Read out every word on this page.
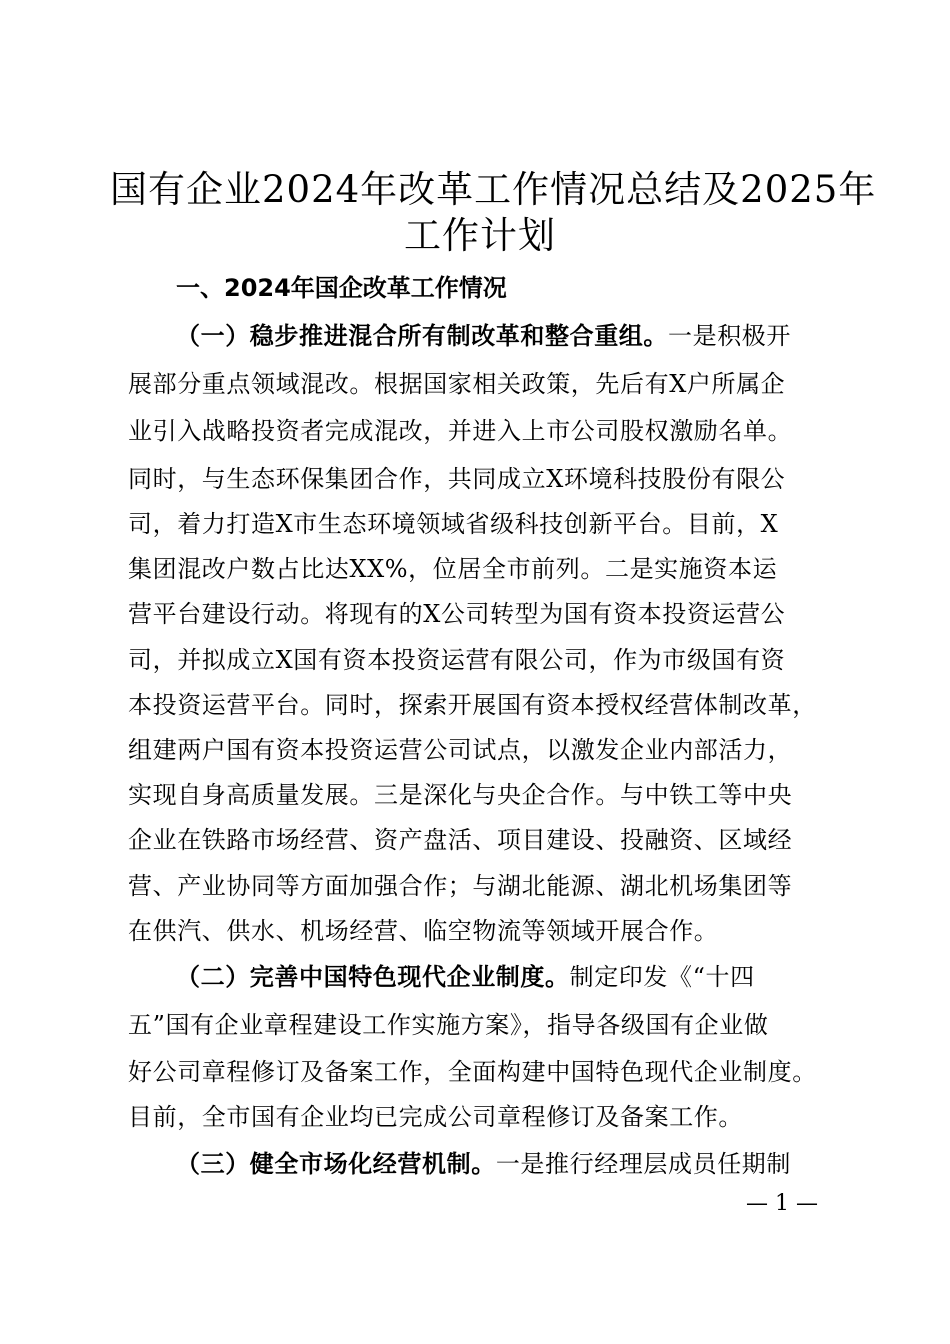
国有企业2024年改革工作情况总结及2025年
工作计划
一、2024年国企改革工作情况
（一）稳步推进混合所有制改革和整合重组。一是积极开
展部分重点领域混改。根据国家相关政策，先后有X户所属企
业引入战略投资者完成混改，并进入上市公司股权激励名单。
同时，与生态环保集团合作，共同成立X环境科技股份有限公
司，着力打造X市生态环境领域省级科技创新平台。目前，X
集团混改户数占比达XX%，位居全市前列。二是实施资本运
营平台建设行动。将现有的X公司转型为国有资本投资运营公
司，并拟成立X国有资本投资运营有限公司，作为市级国有资
本投资运营平台。同时，探索开展国有资本授权经营体制改革，
组建两户国有资本投资运营公司试点，以激发企业内部活力，
实现自身高质量发展。三是深化与央企合作。与中铁工等中央
企业在铁路市场经营、资产盘活、项目建设、投融资、区域经
营、产业协同等方面加强合作；与湖北能源、湖北机场集团等
在供汽、供水、机场经营、临空物流等领域开展合作。
（二）完善中国特色现代企业制度。制定印发《“十四
五”国有企业章程建设工作实施方案》，指导各级国有企业做
好公司章程修订及备案工作，全面构建中国特色现代企业制度。
目前，全市国有企业均已完成公司章程修订及备案工作。
（三）健全市场化经营机制。一是推行经理层成员任期制
— 1 —
